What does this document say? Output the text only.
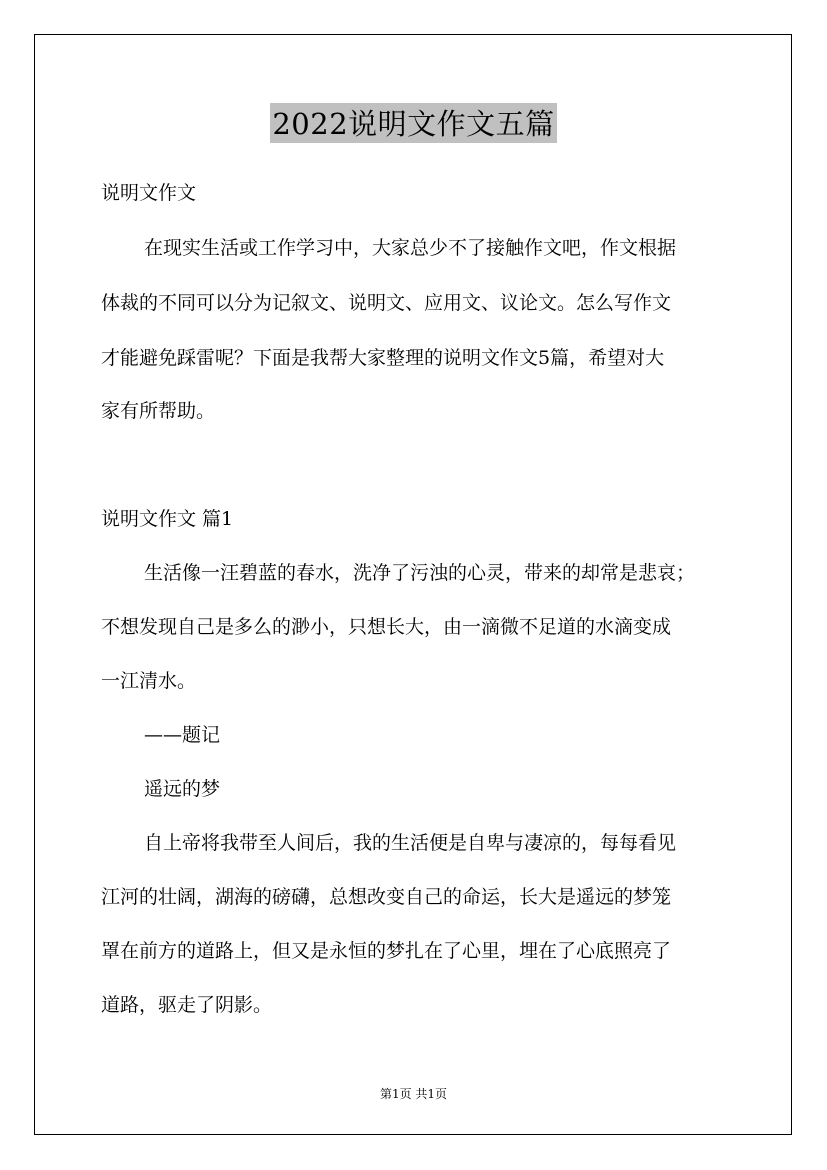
2022说明文作文五篇
说明文作文
在现实生活或工作学习中，大家总少不了接触作文吧，作文根据
体裁的不同可以分为记叙文、说明文、应用文、议论文。怎么写作文
才能避免踩雷呢？下面是我帮大家整理的说明文作文5篇，希望对大
家有所帮助。
说明文作文 篇1
生活像一汪碧蓝的春水，洗净了污浊的心灵，带来的却常是悲哀；
不想发现自己是多么的渺小，只想长大，由一滴微不足道的水滴变成
一江清水。
——题记
遥远的梦
自上帝将我带至人间后，我的生活便是自卑与凄凉的，每每看见
江河的壮阔，湖海的磅礴，总想改变自己的命运，长大是遥远的梦笼
罩在前方的道路上，但又是永恒的梦扎在了心里，埋在了心底照亮了
道路，驱走了阴影。
第1页 共1页
